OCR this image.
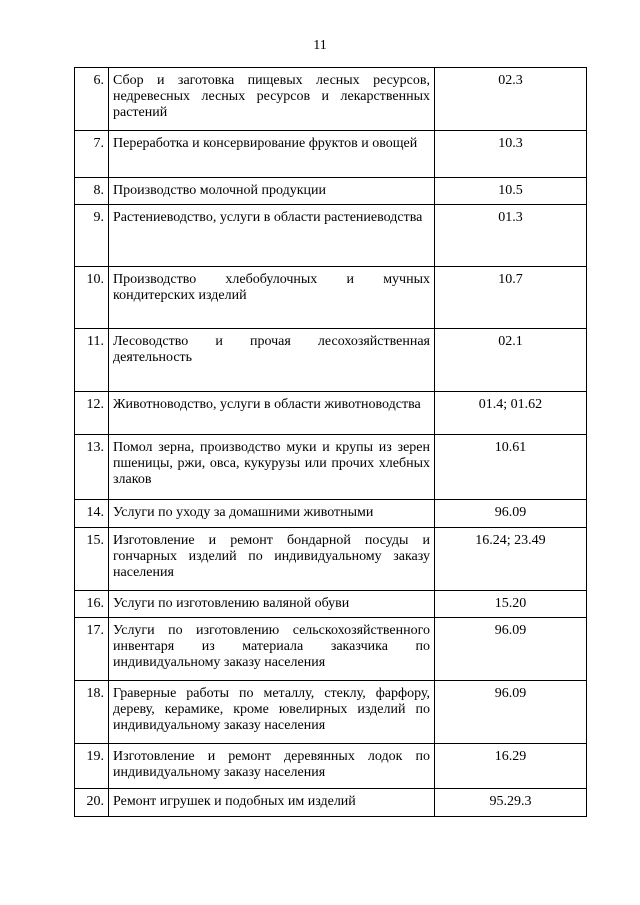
11
6.	Сбор и заготовка пищевых лесных ресурсов, недревесных лесных ресурсов и лекарственных растений	02.3
7.	Переработка и консервирование фруктов и овощей	10.3
8.	Производство молочной продукции	10.5
9.	Растениеводство, услуги в области растениеводства	01.3
10.	Производство хлебобулочных и мучных кондитерских изделий	10.7
11.	Лесоводство и прочая лесохозяйственная деятельность	02.1
12.	Животноводство, услуги в области животноводства	01.4; 01.62
13.	Помол зерна, производство муки и крупы из зерен пшеницы, ржи, овса, кукурузы или прочих хлебных злаков	10.61
14.	Услуги по уходу за домашними животными	96.09
15.	Изготовление и ремонт бондарной посуды и гончарных изделий по индивидуальному заказу населения	16.24; 23.49
16.	Услуги по изготовлению валяной обуви	15.20
17.	Услуги по изготовлению сельскохозяйственного инвентаря из материала заказчика по индивидуальному заказу населения	96.09
18.	Граверные работы по металлу, стеклу, фарфору, дереву, керамике, кроме ювелирных изделий по индивидуальному заказу населения	96.09
19.	Изготовление и ремонт деревянных лодок по индивидуальному заказу населения	16.29
20.	Ремонт игрушек и подобных им изделий	95.29.3
